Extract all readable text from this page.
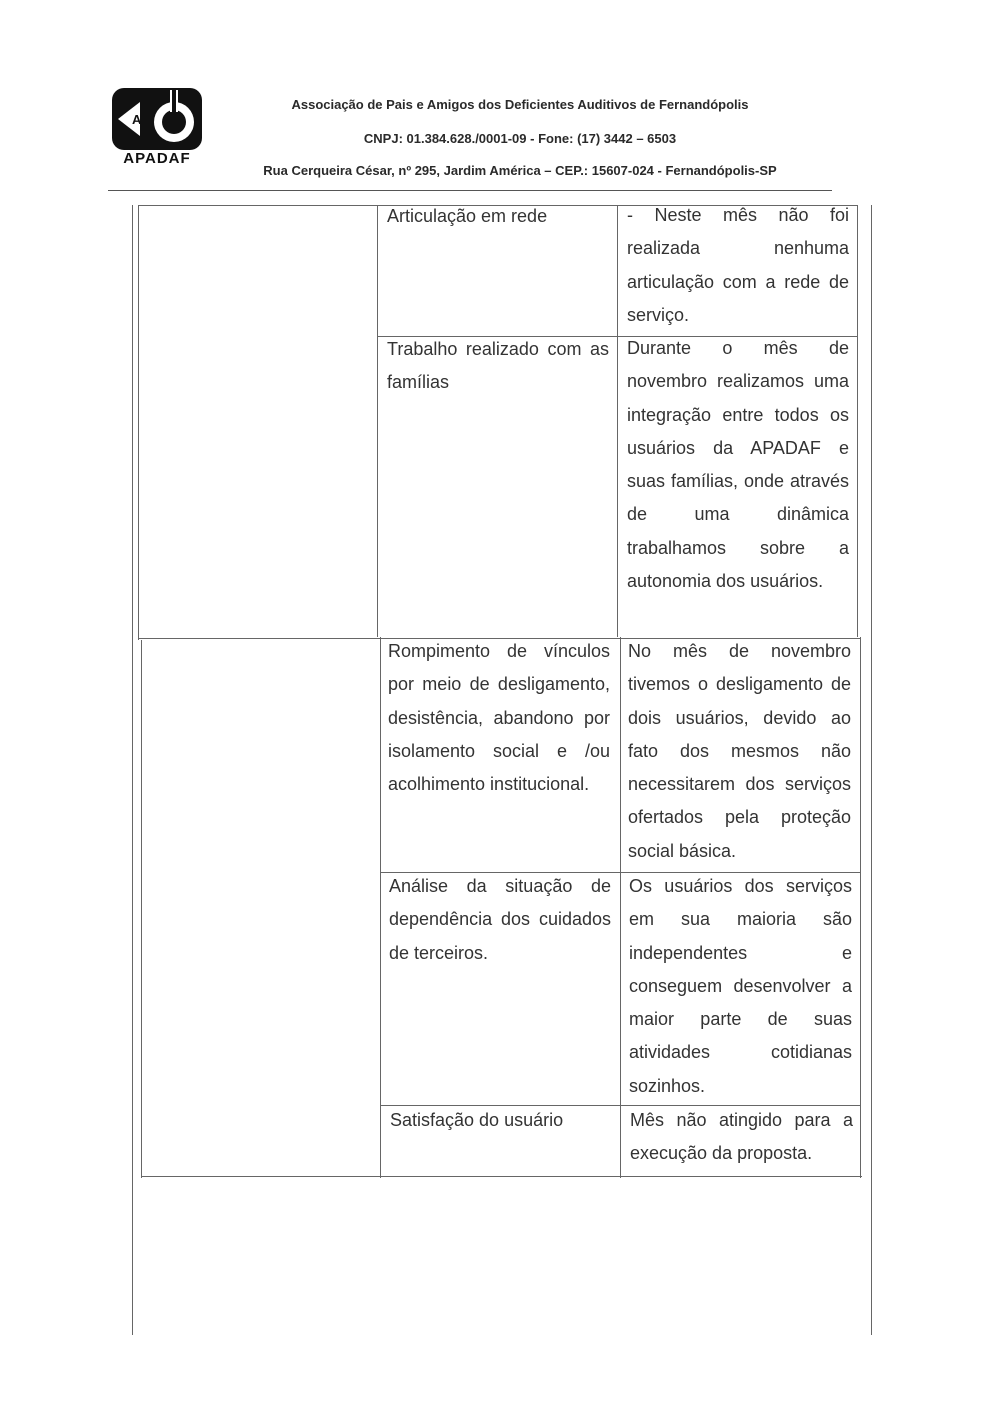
A
APADAF
Associação de Pais e Amigos dos Deficientes Auditivos de Fernandópolis
CNPJ: 01.384.628./0001-09 - Fone: (17) 3442 – 6503
Rua Cerqueira César, nº 295, Jardim América – CEP.: 15607-024 - Fernandópolis-SP
Articulação em rede	- Neste mês não foi realizada nenhuma articulação com a rede de serviço.
Trabalho realizado com as famílias
Durante o mês de novembro realizamos uma integração entre todos os usuários da APADAF e suas famílias, onde através de uma dinâmica trabalhamos sobre a autonomia dos usuários.
Rompimento de vínculos por meio de desligamento, desistência, abandono por isolamento social e /ou acolhimento institucional.
No mês de novembro tivemos o desligamento de dois usuários, devido ao fato dos mesmos não necessitarem dos serviços ofertados pela proteção social básica.
Análise da situação de dependência dos cuidados de terceiros.
Os usuários dos serviços em sua maioria são independentes e conseguem desenvolver a maior parte de suas atividades cotidianas sozinhos.
Satisfação do usuário	Mês não atingido para a execução da proposta.
